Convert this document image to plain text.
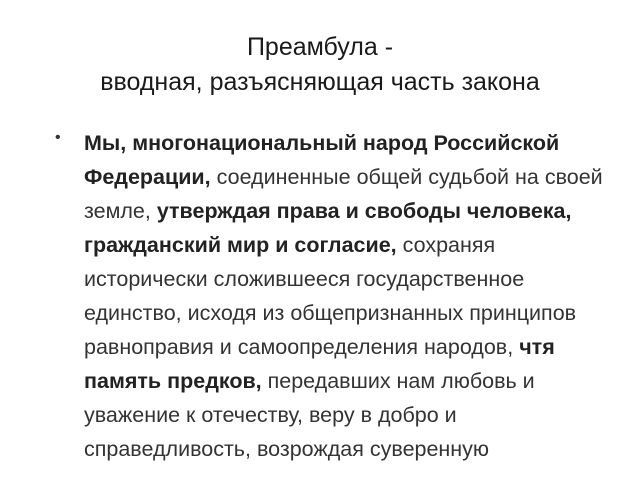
Преамбула -
вводная, разъясняющая часть закона
• Мы, многонациональный народ Российской Федерации, соединенные общей судьбой на своей земле, утверждая права и свободы человека, гражданский мир и согласие, сохраняя исторически сложившееся государственное единство, исходя из общепризнанных принципов равноправия и самоопределения народов, чтя память предков, передавших нам любовь и уважение к отечеству, веру в добро и справедливость, возрождая суверенную
